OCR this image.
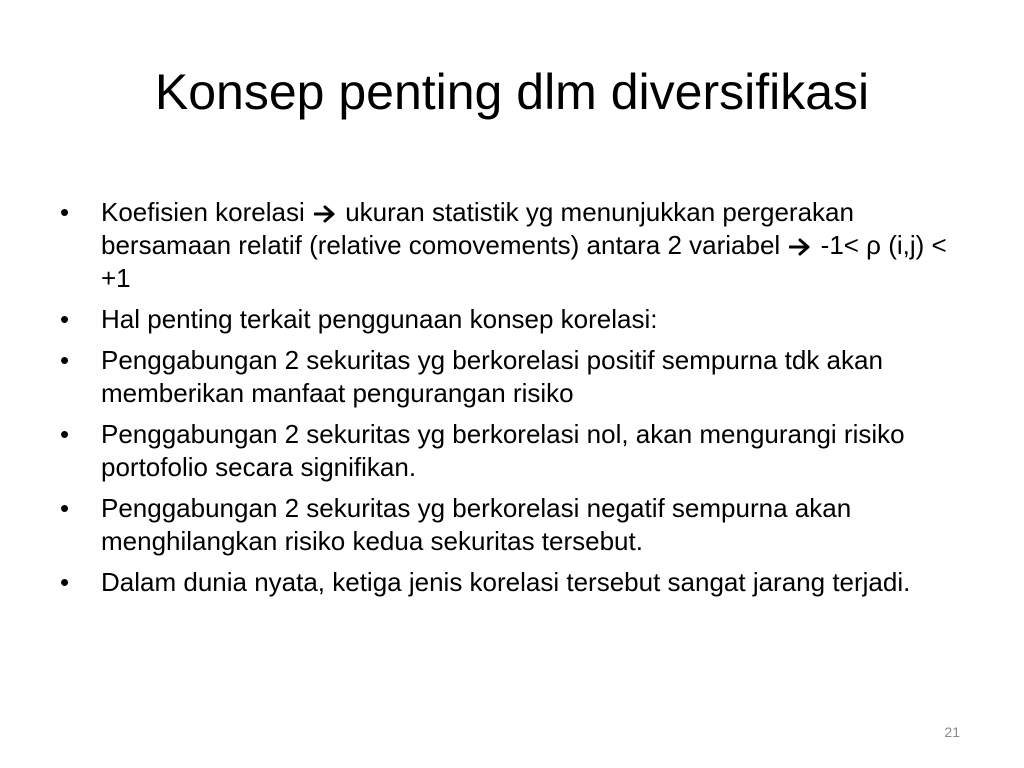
Konsep penting dlm diversifikasi
•	Koefisien korelasi  ukuran statistik yg menunjukkan pergerakan bersamaan relatif (relative comovements) antara 2 variabel  -1< ρ (i,j) < +1
•	Hal penting terkait penggunaan konsep korelasi:
•	Penggabungan 2 sekuritas yg berkorelasi positif sempurna tdk akan memberikan manfaat pengurangan risiko
•	Penggabungan 2 sekuritas yg berkorelasi nol, akan mengurangi risiko portofolio secara signifikan.
•	Penggabungan 2 sekuritas yg berkorelasi negatif sempurna akan menghilangkan risiko kedua sekuritas tersebut.
•	Dalam dunia nyata, ketiga jenis korelasi tersebut sangat jarang terjadi.
21
